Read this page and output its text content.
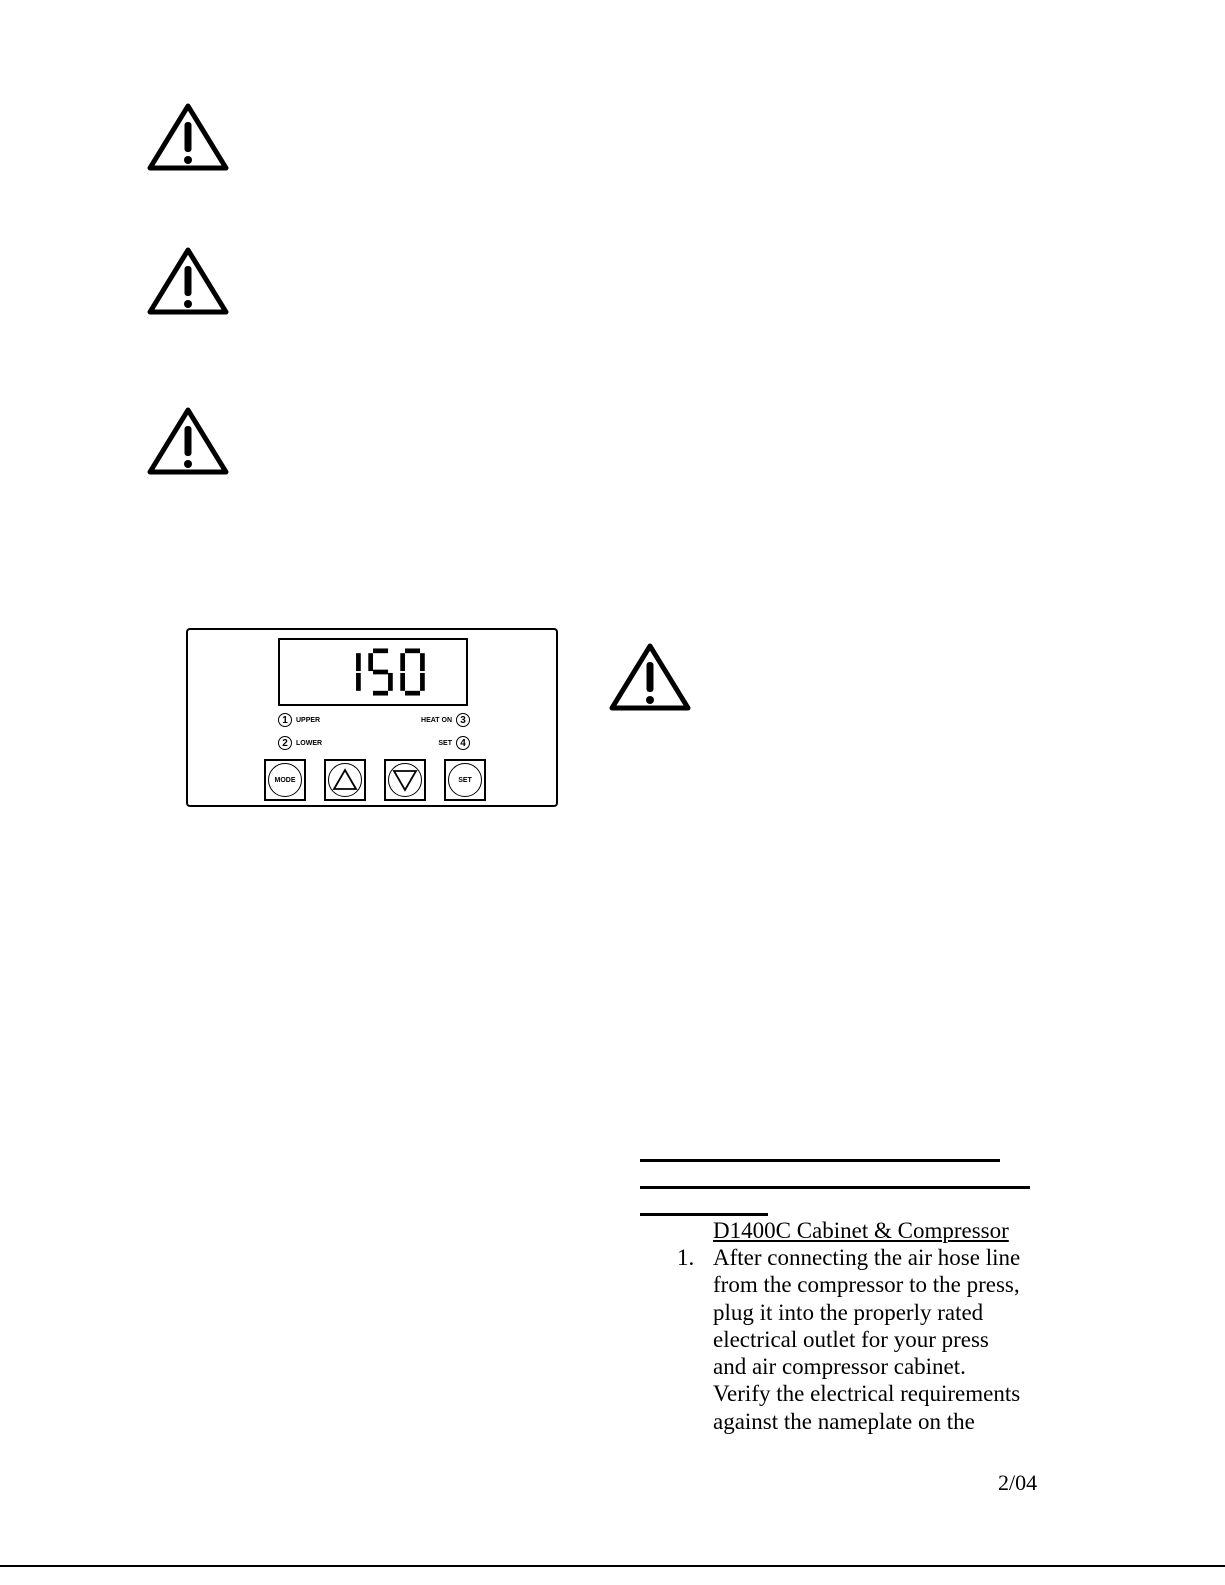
1	UPPER
2	LOWER
HEAT ON 3
SET 4
MODE	SET
D1400C Cabinet & Compressor
1. After connecting the air hose line
from the compressor to the press,
plug it into the properly rated
electrical outlet for your press
and air compressor cabinet.
Verify the electrical requirements
against the nameplate on the
2/04
